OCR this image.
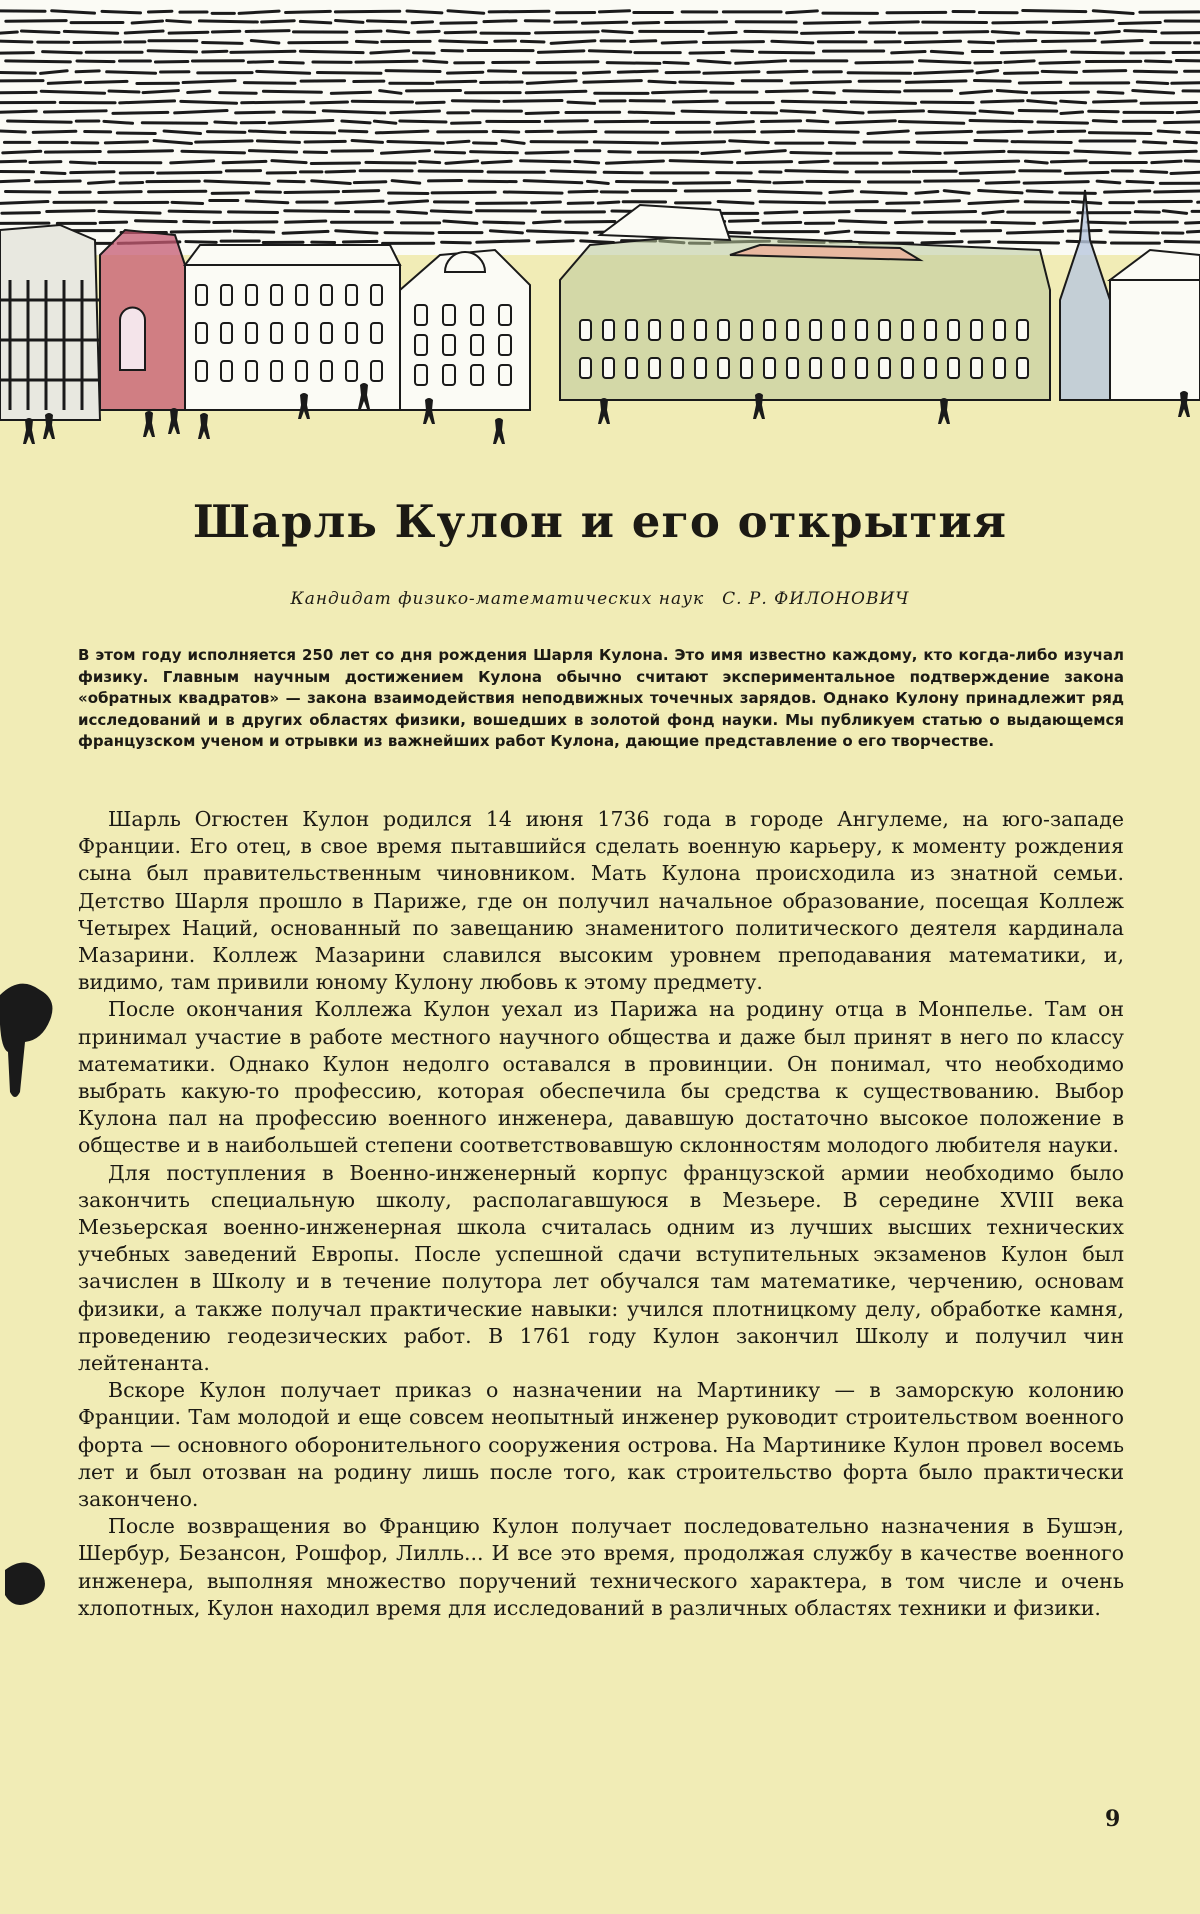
Шарль Кулон и его открытия
Кандидат физико-математических наук С. Р. ФИЛОНОВИЧ

В этом году исполняется 250 лет со дня рождения Шарля Кулона. Это имя известно каждому, кто когда-либо изучал физику. Главным научным достижением Кулона обычно считают экспериментальное подтверждение закона «обратных квадратов» — закона взаимодействия неподвижных точечных зарядов. Однако Кулону принадлежит ряд исследований и в других областях физики, вошедших в золотой фонд науки. Мы публикуем статью о выдающемся французском ученом и отрывки из важнейших работ Кулона, дающие представление о его творчестве.

Шарль Огюстен Кулон родился 14 июня 1736 года в городе Ангулеме, на юго-западе Франции. Его отец, в свое время пытавшийся сделать военную карьеру, к моменту рождения сына был правительственным чиновником. Мать Кулона происходила из знатной семьи. Детство Шарля прошло в Париже, где он получил начальное образование, посещая Коллеж Четырех Наций, основанный по завещанию знаменитого политического деятеля кардинала Мазарини. Коллеж Мазарини славился высоким уровнем преподавания математики, и, видимо, там привили юному Кулону любовь к этому предмету.

После окончания Коллежа Кулон уехал из Парижа на родину отца в Монпелье. Там он принимал участие в работе местного научного общества и даже был принят в него по классу математики. Однако Кулон недолго оставался в провинции. Он понимал, что необходимо выбрать какую-то профессию, которая обеспечила бы средства к существованию. Выбор Кулона пал на профессию военного инженера, дававшую достаточно высокое положение в обществе и в наибольшей степени соответствовавшую склонностям молодого любителя науки.

Для поступления в Военно-инженерный корпус французской армии необходимо было закончить специальную школу, располагавшуюся в Мезьере. В середине XVIII века Мезьерская военно-инженерная школа считалась одним из лучших высших технических учебных заведений Европы. После успешной сдачи вступительных экзаменов Кулон был зачислен в Школу и в течение полутора лет обучался там математике, черчению, основам физики, а также получал практические навыки: учился плотницкому делу, обработке камня, проведению геодезических работ. В 1761 году Кулон закончил Школу и получил чин лейтенанта.

Вскоре Кулон получает приказ о назначении на Мартинику — в заморскую колонию Франции. Там молодой и еще совсем неопытный инженер руководит строительством военного форта — основного оборонительного сооружения острова. На Мартинике Кулон провел восемь лет и был отозван на родину лишь после того, как строительство форта было практически закончено.

После возвращения во Францию Кулон получает последовательно назначения в Бушэн, Шербур, Безансон, Рошфор, Лилль... И все это время, продолжая службу в качестве военного инженера, выполняя множество поручений технического характера, в том числе и очень хлопотных, Кулон находил время для исследований в различных областях техники и физики.

9
